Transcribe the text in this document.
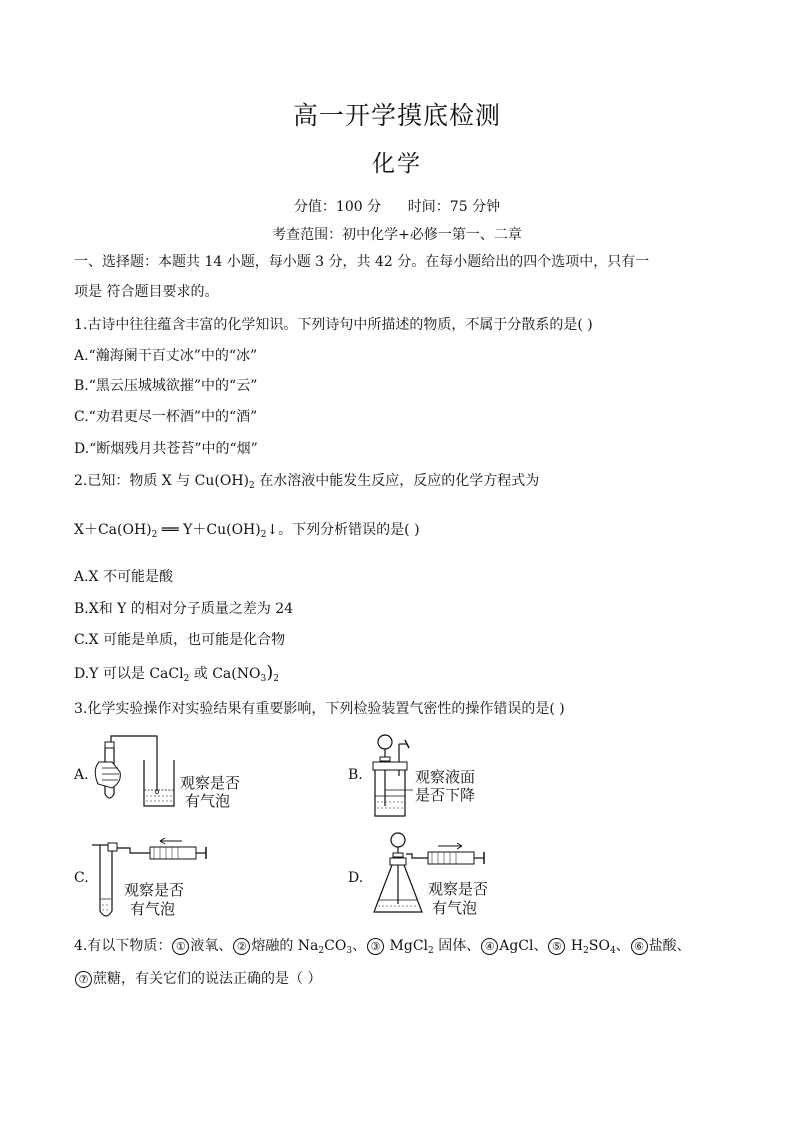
高一开学摸底检测
化学
分值：100 分 时间：75 分钟
考查范围：初中化学+必修一第一、二章
一、选择题：本题共 14 小题，每小题 3 分，共 42 分。在每小题给出的四个选项中，只有一
项是 符合题目要求的。
1.古诗中往往蕴含丰富的化学知识。下列诗句中所描述的物质，不属于分散系的是( )
A.“瀚海阑干百丈冰”中的“冰”
B.“黑云压城城欲摧”中的“云”
C.“劝君更尽一杯酒”中的“酒”
D.“断烟残月共苍苔”中的“烟”
2.已知：物质 X 与 $Cu(OH)_2$ 在水溶液中能发生反应，反应的化学方程式为
$X+Ca(OH)_2$ ══ $Y+Cu(OH)_2↓$。下列分析错误的是( )
A.X 不可能是酸
B.X和 Y 的相对分子质量之差为 24
C.X 可能是单质，也可能是化合物
D.Y 可以是 CaCl$_2$ 或 $Ca(NO_3)_2$
3.化学实验操作对实验结果有重要影响，下列检验装置气密性的操作错误的是( )
A.	B.
C.	D.
观察是否
有气泡
观察液面
是否下降
观察是否
有气泡
观察是否
有气泡
4.有以下物质： ① 液氧、 ② 熔融的 $Na_2CO_3$、 ③ MgCl$_2$ 固体、 ④ AgCl、 ⑤ $H_2SO_4$、 ⑥ 盐酸、
⑦ 蔗糖，有关它们的说法正确的是（ ）
